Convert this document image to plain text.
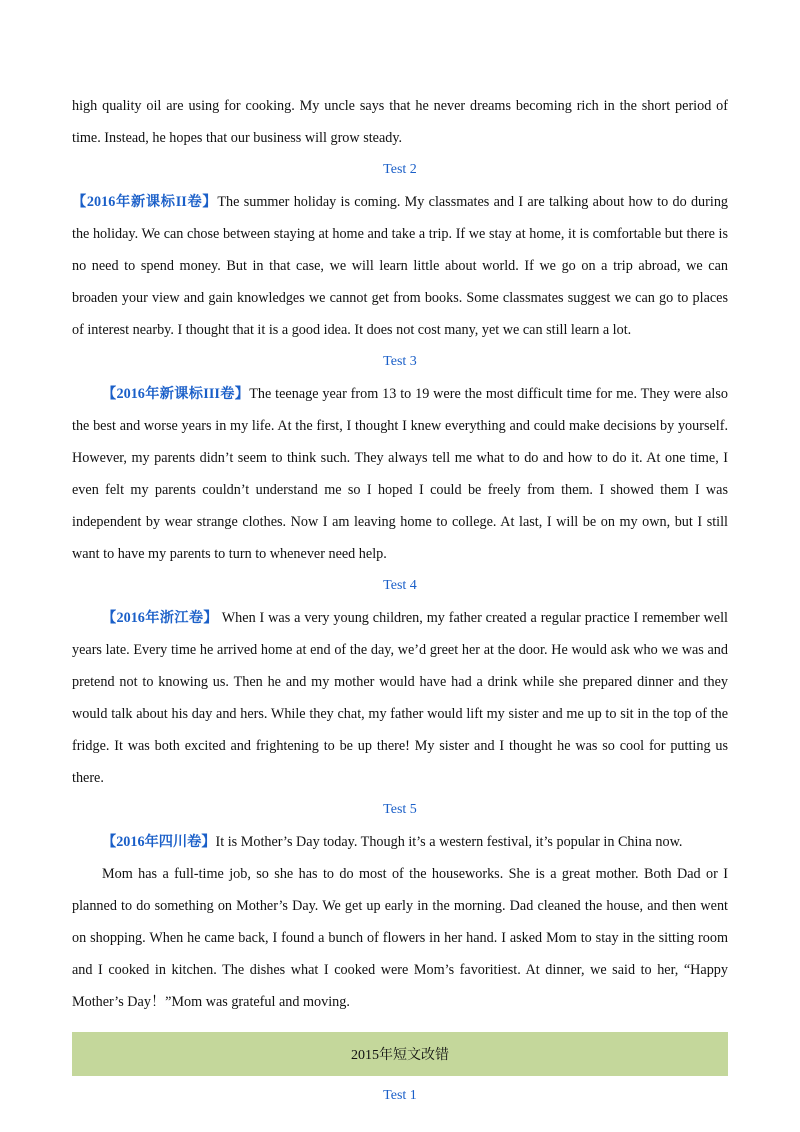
high quality oil are using for cooking. My uncle says that he never dreams becoming rich in the short period of time. Instead, he hopes that our business will grow steady.

Test 2

【2016年新课标II卷】The summer holiday is coming. My classmates and I are talking about how to do during the holiday. We can chose between staying at home and take a trip. If we stay at home, it is comfortable but there is no need to spend money. But in that case, we will learn little about world. If we go on a trip abroad, we can broaden your view and gain knowledges we cannot get from books. Some classmates suggest we can go to places of interest nearby. I thought that it is a good idea. It does not cost many, yet we can still learn a lot.

Test 3

【2016年新课标III卷】The teenage year from 13 to 19 were the most difficult time for me. They were also the best and worse years in my life. At the first, I thought I knew everything and could make decisions by yourself. However, my parents didn’t seem to think such. They always tell me what to do and how to do it. At one time, I even felt my parents couldn’t understand me so I hoped I could be freely from them. I showed them I was independent by wear strange clothes. Now I am leaving home to college. At last, I will be on my own, but I still want to have my parents to turn to whenever need help.

Test 4

【2016年浙江卷】 When I was a very young children, my father created a regular practice I remember well years late. Every time he arrived home at end of the day, we’d greet her at the door. He would ask who we was and pretend not to knowing us. Then he and my mother would have had a drink while she prepared dinner and they would talk about his day and hers. While they chat, my father would lift my sister and me up to sit in the top of the fridge. It was both excited and frightening to be up there! My sister and I thought he was so cool for putting us there.

Test 5

【2016年四川卷】It is Mother’s Day today. Though it’s a western festival, it’s popular in China now.

Mom has a full-time job, so she has to do most of the houseworks. She is a great mother. Both Dad or I planned to do something on Mother’s Day. We get up early in the morning. Dad cleaned the house, and then went on shopping. When he came back, I found a bunch of flowers in her hand. I asked Mom to stay in the sitting room and I cooked in kitchen. The dishes what I cooked were Mom’s favoritiest. At dinner, we said to her, “Happy Mother’s Day！”Mom was grateful and moving.

2015年短文改错
Test 1
